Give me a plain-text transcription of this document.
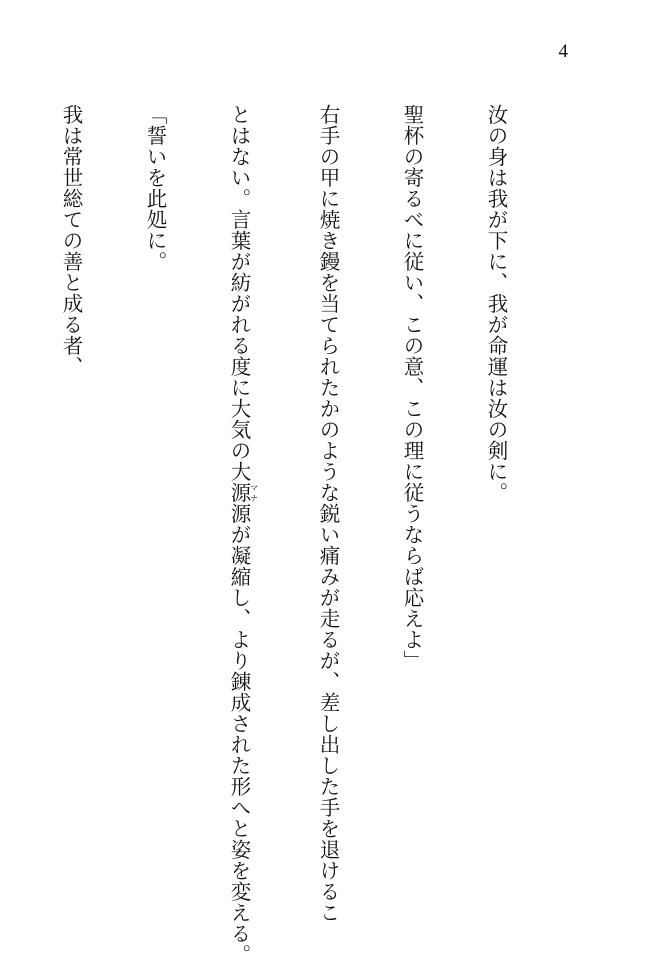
4

汝の身は我が下に、我が命運は汝の剣に。

聖杯の寄るべに従い、この意、この理に従うならば応えよ」

右手の甲に焼き鏝を当てられたかのような鋭い痛みが走るが、差し出した手を退けるこ

とはない。言葉が紡がれる度に大気の大源マナ源が凝縮し、より錬成された形へと姿を変える。

「誓いを此処に。

我は常世総ての善と成る者、
